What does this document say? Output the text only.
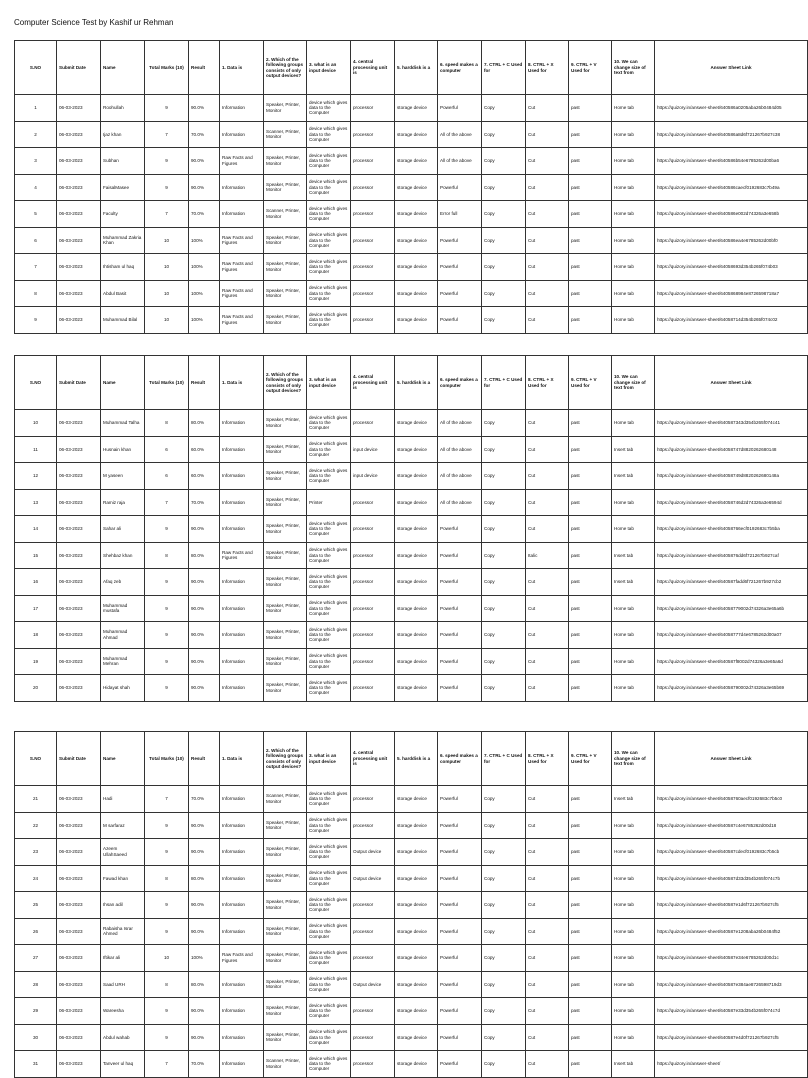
Computer Science Test by Kashif ur Rehman
S.NO	Submit Date	Name	Total Marks (10)	Result	1. Data is	2. Which of the following groups consists of only output devices?	3. what is an input device	4. central processing unit is	5. harddisk is a	6. speed makes a computer	7. CTRL + C Used for	8. CTRL + X Used for	9. CTRL + V Used for	10. We can change size of text from	Answer Sheet Link
1	06-03-2023	Roohullah	9	90.0%	Information	Speaker, Printer, Monitor	device which gives data to the Computer	processor	storage device	Powerful	Copy	Cut	past	Home tab	https://quizory.in/answer-sheet/640586a0205aba26b0484d05
2	06-03-2023	Ijaz khan	7	70.0%	Information	Scanner, Printer, Monitor	device which gives data to the Computer	processor	storage device	All of the above	Copy	Cut	past	Home tab	https://quizory.in/answer-sheet/640586a8d6f721267b927c38
3	06-03-2023	Subhan	9	90.0%	Raw Facts and Figures	Speaker, Printer, Monitor	device which gives data to the Computer	processor	storage device	All of the above	Copy	Cut	past	Home tab	https://quizory.in/answer-sheet/640586b54e6785262d00ba6
4	06-03-2023	FaisalMasee	9	90.0%	Information	Speaker, Printer, Monitor	device which gives data to the Computer	processor	storage device	Powerful	Copy	Cut	past	Home tab	https://quizory.in/answer-sheet/640586caecf0192683c7b49a
5	06-03-2023	Faculty	7	70.0%	Information	Scanner, Printer, Monitor	device which gives data to the Computer	processor	storage device	Error full	Copy	Cut	past	Home tab	https://quizory.in/answer-sheet/640586e002d74326a3e658b
6	06-03-2023	Muhammad Zakria Khan	10	100%	Raw Facts and Figures	Speaker, Printer, Monitor	device which gives data to the Computer	processor	storage device	Powerful	Copy	Cut	past	Home tab	https://quizory.in/answer-sheet/640586ea4e6785262d00bf0
7	06-03-2023	Ihtisham ul haq	10	100%	Raw Facts and Figures	Speaker, Printer, Monitor	device which gives data to the Computer	processor	storage device	Powerful	Copy	Cut	past	Home tab	https://quizory.in/answer-sheet/64058693d354b265f074b03
8	06-03-2023	Abdul Basit	10	100%	Raw Facts and Figures	Speaker, Printer, Monitor	device which gives data to the Computer	processor	storage device	Powerful	Copy	Cut	past	Home tab	https://quizory.in/answer-sheet/6405868984e8726598718a7
9	06-03-2023	Muhammad Bilal	10	100%	Raw Facts and Figures	Speaker, Printer, Monitor	device which gives data to the Computer	processor	storage device	Powerful	Copy	Cut	past	Home tab	https://quizory.in/answer-sheet/64058714d354b265f074c02
S.NO	Submit Date	Name	Total Marks (10)	Result	1. Data is	2. Which of the following groups consists of only output devices?	3. what is an input device	4. central processing unit is	5. harddisk is a	6. speed makes a computer	7. CTRL + C Used for	8. CTRL + X Used for	9. CTRL + V Used for	10. We can change size of text from	Answer Sheet Link
10	06-03-2023	Muhammad Talha	8	80.0%	Information	Speaker, Printer, Monitor	device which gives data to the Computer	processor	storage device	All of the above	Copy	Cut	past	Home tab	https://quizory.in/answer-sheet/640587343d354b265f074c41
11	06-03-2023	Husnain khan	6	60.0%	Information	Speaker, Printer, Monitor	device which gives data to the Computer	input device	storage device	All of the above	Copy	Cut	past	Insert tab	https://quizory.in/answer-sheet/64058747d8820262680148
12	06-03-2023	M yaseen	6	60.0%	Information	Speaker, Printer, Monitor	device which gives data to the Computer	input device	storage device	All of the above	Copy	Cut	past	Insert tab	https://quizory.in/answer-sheet/64058749d8820262680148a
13	06-03-2023	Ramiz raja	7	70.0%	Information	Speaker, Printer, Monitor	Printer	processor	storage device	All of the above	Copy	Cut	past	Home tab	https://quizory.in/answer-sheet/64058746d2d74326a3e6594d
14	06-03-2023	Sahar ali	9	90.0%	Information	Speaker, Printer, Monitor	device which gives data to the Computer	processor	storage device	Powerful	Copy	Cut	past	Home tab	https://quizory.in/answer-sheet/64058766ecf0192683c7b5ba
15	06-03-2023	Shehbaz khan	8	80.0%	Raw Facts and Figures	Speaker, Printer, Monitor	device which gives data to the Computer	processor	storage device	Powerful	Copy	Italic	past	Insert tab	https://quizory.in/answer-sheet/6405876dd6f721267b927caf
16	06-03-2023	Afaq zeb	9	90.0%	Information	Speaker, Printer, Monitor	device which gives data to the Computer	processor	storage device	Powerful	Copy	Cut	past	Insert tab	https://quizory.in/answer-sheet/640587fadd6f721267b927cb2
17	06-03-2023	Muhammad mustafa	9	90.0%	Information	Speaker, Printer, Monitor	device which gives data to the Computer	processor	storage device	Powerful	Copy	Cut	past	Home tab	https://quizory.in/answer-sheet/64058779002d74326a3e65a6b
18	06-03-2023	Muhammad Ahmad	9	90.0%	Information	Speaker, Printer, Monitor	device which gives data to the Computer	processor	storage device	Powerful	Copy	Cut	past	Home tab	https://quizory.in/answer-sheet/64058777d4e6785262d00a07
19	06-03-2023	Muhammad Mehran	9	90.0%	Information	Speaker, Printer, Monitor	device which gives data to the Computer	processor	storage device	Powerful	Copy	Cut	past	Home tab	https://quizory.in/answer-sheet/640587f8002d74326a3e65a6d
20	06-03-2023	Hidayat shah	9	90.0%	Information	Speaker, Printer, Monitor	device which gives data to the Computer	processor	storage device	Powerful	Copy	Cut	past	Home tab	https://quizory.in/answer-sheet/64058790002d74326a3e65b69
S.NO	Submit Date	Name	Total Marks (10)	Result	1. Data is	2. Which of the following groups consists of only output devices?	3. what is an input device	4. central processing unit is	5. harddisk is a	6. speed makes a computer	7. CTRL + C Used for	8. CTRL + X Used for	9. CTRL + V Used for	10. We can change size of text from	Answer Sheet Link
21	06-03-2023	Hadi	7	70.0%	Information	Scanner, Printer, Monitor	device which gives data to the Computer	processor	storage device	Powerful	Copy	Cut	past	Insert tab	https://quizory.in/answer-sheet/64058760aecf0192683c7b5c0
22	06-03-2023	M sarfaraz	9	90.0%	Information	Speaker, Printer, Monitor	device which gives data to the Computer	processor	storage device	Powerful	Copy	Cut	past	Home tab	https://quizory.in/answer-sheet/640587c4e6785262d00d18
23	06-03-2023	Azeem UllahSaeed	9	90.0%	Information	Speaker, Printer, Monitor	device which gives data to the Computer	Output device	storage device	Powerful	Copy	Cut	past	Home tab	https://quizory.in/answer-sheet/640587cdecf0192683c7b5cb
24	06-03-2023	Fawad khan	8	80.0%	Information	Speaker, Printer, Monitor	device which gives data to the Computer	Output device	storage device	Powerful	Copy	Cut	past	Home tab	https://quizory.in/answer-sheet/640587d33d354b265f074c7b
25	06-03-2023	Ihsan adil	9	90.0%	Information	Speaker, Printer, Monitor	device which gives data to the Computer	processor	storage device	Powerful	Copy	Cut	past	Home tab	https://quizory.in/answer-sheet/640587e1d6f721267b927cf5
26	06-03-2023	Rabaisha Israr Ahmed	9	90.0%	Information	Speaker, Printer, Monitor	device which gives data to the Computer	processor	storage device	Powerful	Copy	Cut	past	Home tab	https://quizory.in/answer-sheet/640587e1208aba26b0484f52
27	06-03-2023	Iftikar ali	10	100%	Raw Facts and Figures	Speaker, Printer, Monitor	device which gives data to the Computer	processor	storage device	Powerful	Copy	Cut	past	Home tab	https://quizory.in/answer-sheet/640587e34e6785262d00d1c
28	06-03-2023	Saad URH	8	80.0%	Information	Speaker, Printer, Monitor	device which gives data to the Computer	Output device	storage device	Powerful	Copy	Cut	past	Home tab	https://quizory.in/answer-sheet/640587e384ae8726598719d3
29	06-03-2023	Wareesha	9	90.0%	Information	Speaker, Printer, Monitor	device which gives data to the Computer	processor	storage device	Powerful	Copy	Cut	past	Home tab	https://quizory.in/answer-sheet/640587e33d354b265f074c7d
30	06-03-2023	Abdul wahab	9	90.0%	Information	Speaker, Printer, Monitor	device which gives data to the Computer	processor	storage device	Powerful	Copy	Cut	past	Home tab	https://quizory.in/answer-sheet/640587e4d0f721267b927cf5
31	06-03-2023	Tanveer ul haq	7	70.0%	Information	Scanner, Printer, Monitor	device which gives data to the Computer	processor	storage device	Powerful	Copy	Cut	past	Insert tab	https://quizory.in/answer-sheet/
